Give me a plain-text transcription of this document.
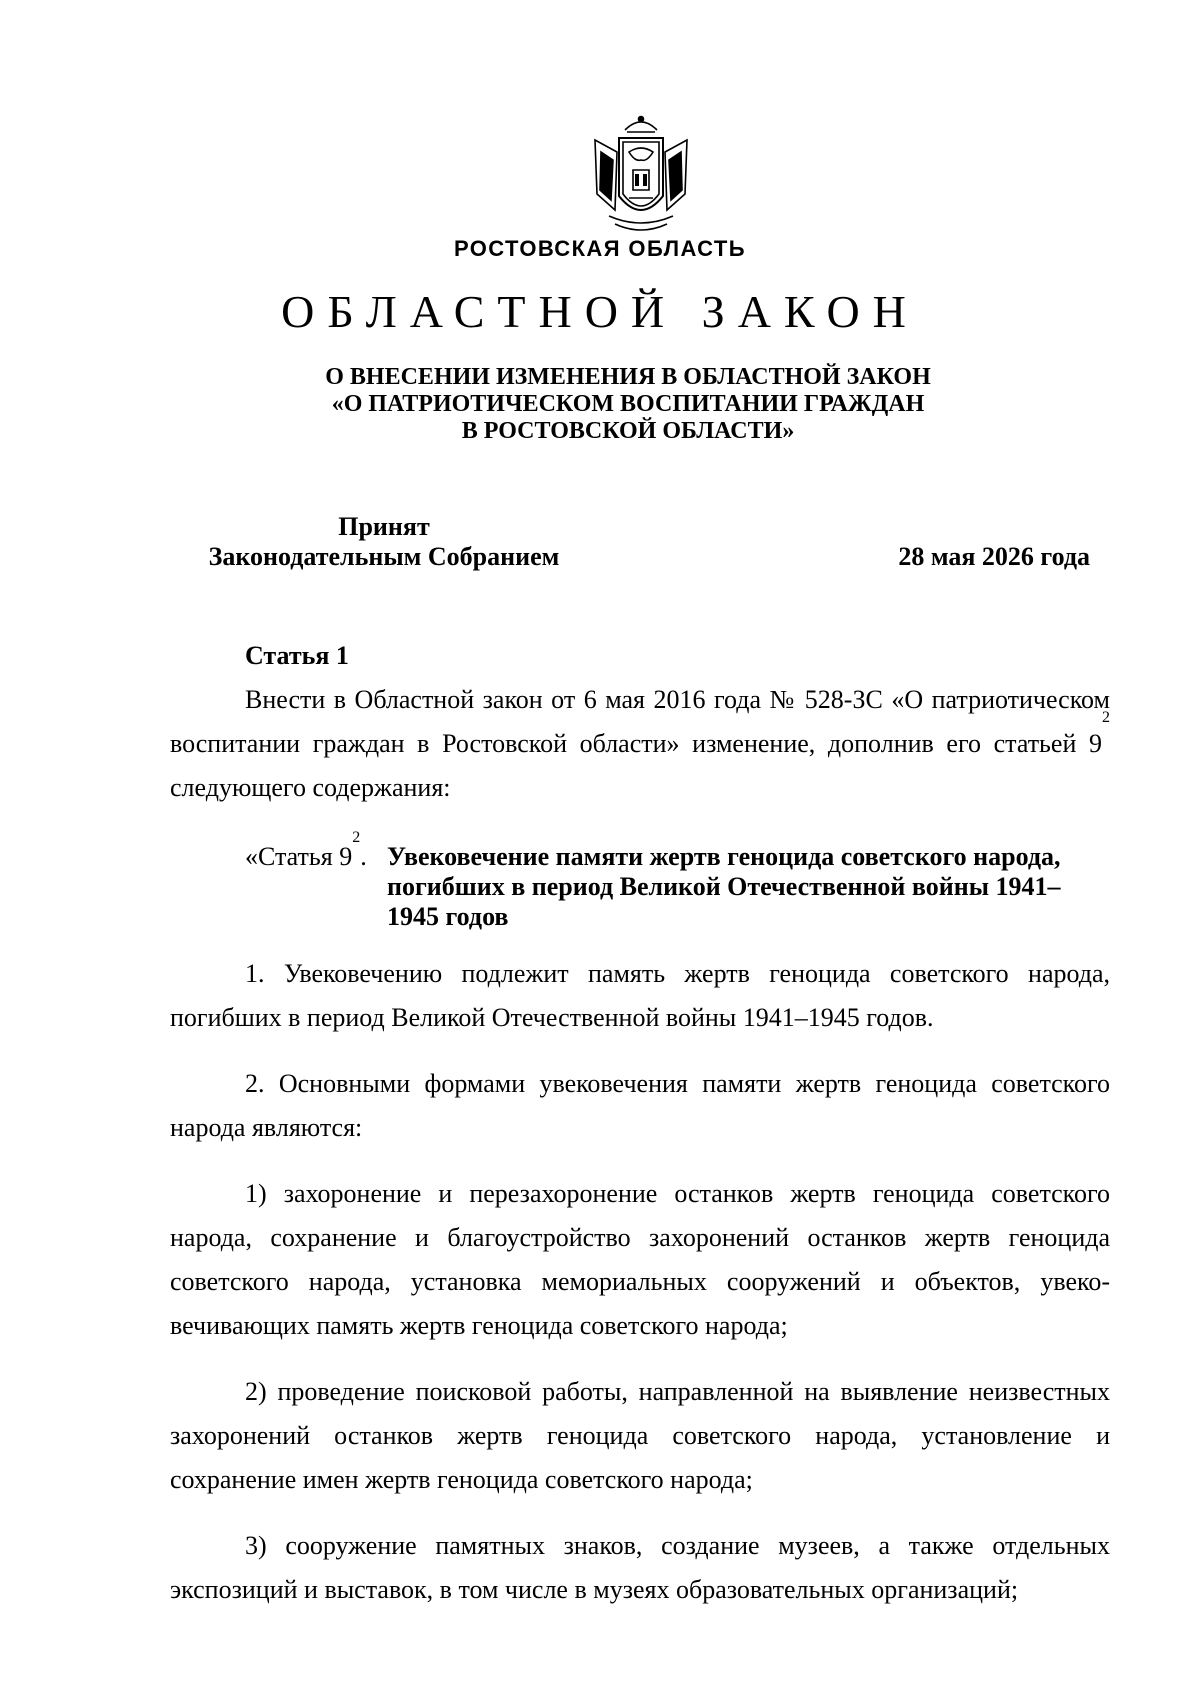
РОСТОВСКАЯ ОБЛАСТЬ
ОБЛАСТНОЙ ЗАКОН
О ВНЕСЕНИИ ИЗМЕНЕНИЯ В ОБЛАСТНОЙ ЗАКОН
«О ПАТРИОТИЧЕСКОМ ВОСПИТАНИИ ГРАЖДАН
В РОСТОВСКОЙ ОБЛАСТИ»
Принят
Законодательным Собранием	28 мая 2026 года
Статья 1
Внести в Областной закон от 6 мая 2016 года № 528-ЗС «О патриотическом воспитании граждан в Ростовской области» изменение, дополнив его статьей $9^2$ следующего содержания:
«Статья $9^2$. Увековечение памяти жертв геноцида советского народа, погибших в период Великой Отечественной войны 1941–1945 годов
1. Увековечению подлежит память жертв геноцида советского народа, погибших в период Великой Отечественной войны 1941–1945 годов.
2. Основными формами увековечения памяти жертв геноцида советского народа являются:
1) захоронение и перезахоронение останков жертв геноцида советского народа, сохранение и благоустройство захоронений останков жертв геноцида советского народа, установка мемориальных сооружений и объектов, увековечивающих память жертв геноцида советского народа;
2) проведение поисковой работы, направленной на выявление неизвестных захоронений останков жертв геноцида советского народа, установление и сохранение имен жертв геноцида советского народа;
3) сооружение памятных знаков, создание музеев, а также отдельных экспозиций и выставок, в том числе в музеях образовательных организаций;
